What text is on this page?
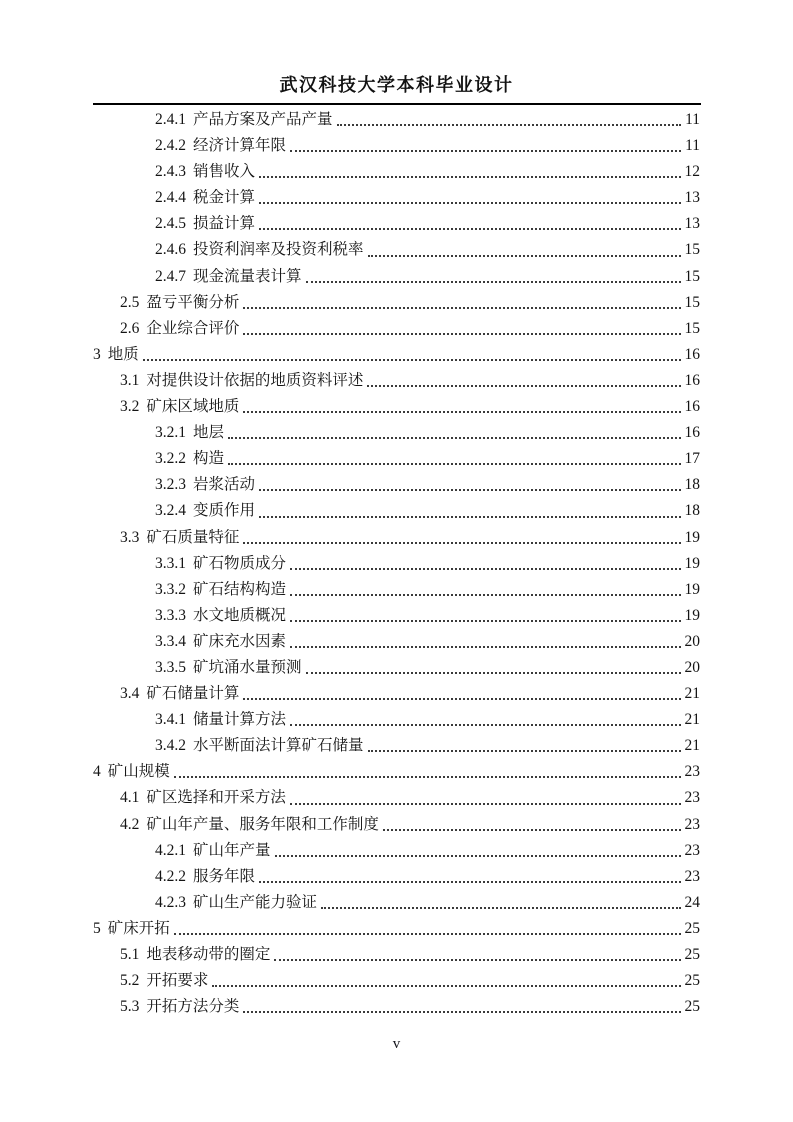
武汉科技大学本科毕业设计
2.4.1 产品方案及产品产量	11
2.4.2 经济计算年限	11
2.4.3 销售收入	12
2.4.4 税金计算	13
2.4.5 损益计算	13
2.4.6 投资利润率及投资利税率	15
2.4.7 现金流量表计算	15
2.5 盈亏平衡分析	15
2.6 企业综合评价	15
3 地质	16
3.1 对提供设计依据的地质资料评述	16
3.2 矿床区域地质	16
3.2.1 地层	16
3.2.2 构造	17
3.2.3 岩浆活动	18
3.2.4 变质作用	18
3.3 矿石质量特征	19
3.3.1 矿石物质成分	19
3.3.2 矿石结构构造	19
3.3.3 水文地质概况	19
3.3.4 矿床充水因素	20
3.3.5 矿坑涌水量预测	20
3.4 矿石储量计算	21
3.4.1 储量计算方法	21
3.4.2 水平断面法计算矿石储量	21
4 矿山规模	23
4.1 矿区选择和开采方法	23
4.2 矿山年产量、服务年限和工作制度	23
4.2.1 矿山年产量	23
4.2.2 服务年限	23
4.2.3 矿山生产能力验证	24
5 矿床开拓	25
5.1 地表移动带的圈定	25
5.2 开拓要求	25
5.3 开拓方法分类	25
v
